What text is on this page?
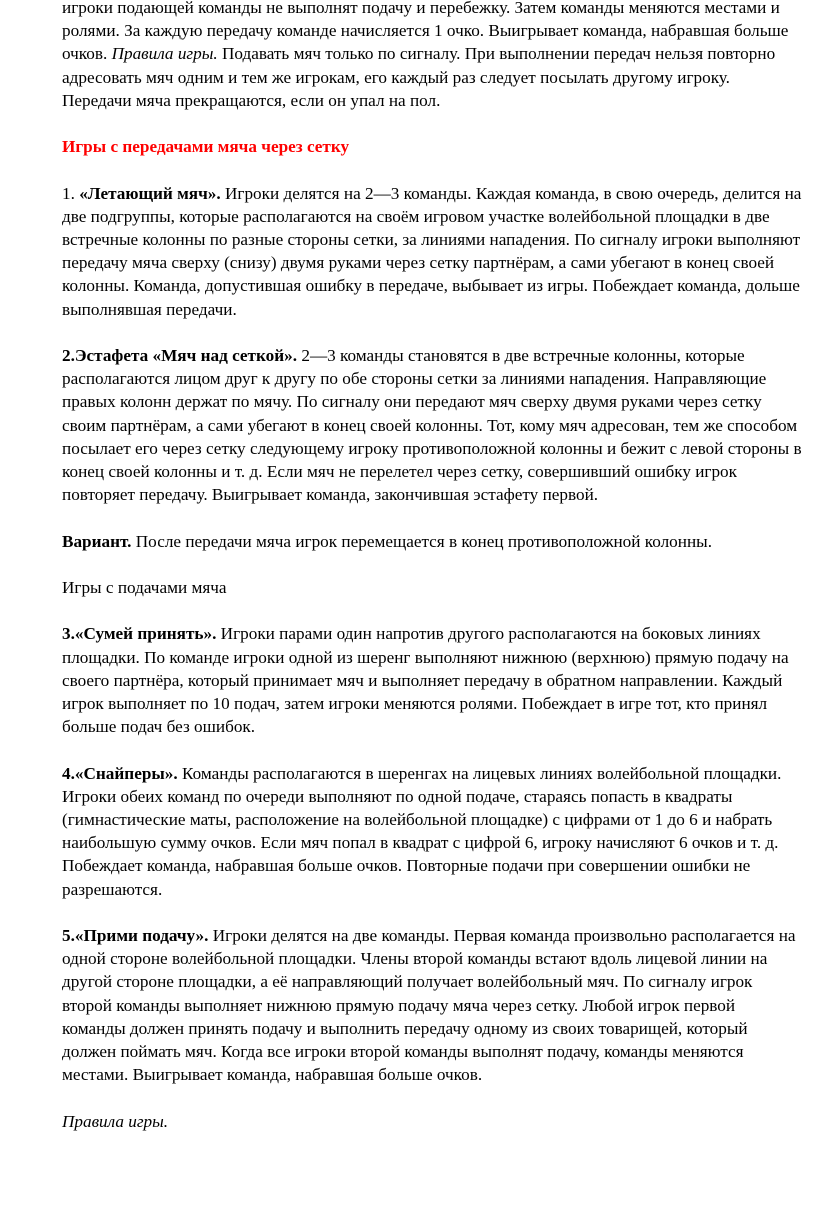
игроки подающей команды не выполнят подачу и перебежку. Затем команды меняются местами и ролями. За каждую передачу команде начисляется 1 очко. Выигрывает команда, набравшая больше очков. Правила игры. Подавать мяч только по сигналу. При выполнении передач нельзя повторно адресовать мяч одним и тем же игрокам, его каждый раз следует посылать другому игроку. Передачи мяча прекращаются, если он упал на пол.

Игры с передачами мяча через сетку

1. «Летающий мяч». Игроки делятся на 2—3 команды. Каждая команда, в свою очередь, делится на две подгруппы, которые располагаются на своём игровом участке волейбольной площадки в две встречные колонны по разные стороны сетки, за линиями нападения. По сигналу игроки выполняют передачу мяча сверху (снизу) двумя руками через сетку партнёрам, а сами убегают в конец своей колонны. Команда, допустившая ошибку в передаче, выбывает из игры. Побеждает команда, дольше выполнявшая передачи.

2.Эстафета «Мяч над сеткой». 2—3 команды становятся в две встречные колонны, которые располагаются лицом друг к другу по обе стороны сетки за линиями нападения. Направляющие правых колонн держат по мячу. По сигналу они передают мяч сверху двумя руками через сетку своим партнёрам, а сами убегают в конец своей колонны. Тот, кому мяч адресован, тем же способом посылает его через сетку следующему игроку противоположной колонны и бежит с левой стороны в конец своей колонны и т. д. Если мяч не перелетел через сетку, совершивший ошибку игрок повторяет передачу. Выигрывает команда, закончившая эстафету первой.

Вариант. После передачи мяча игрок перемещается в конец противоположной колонны.

Игры с подачами мяча

3.«Сумей принять». Игроки парами один напротив другого располагаются на боковых линиях площадки. По команде игроки одной из шеренг выполняют нижнюю (верхнюю) прямую подачу на своего партнёра, который принимает мяч и выполняет передачу в обратном направлении. Каждый игрок выполняет по 10 подач, затем игроки меняются ролями. Побеждает в игре тот, кто принял больше подач без ошибок.

4.«Снайперы». Команды располагаются в шеренгах на лицевых линиях волейбольной площадки. Игроки обеих команд по очереди выполняют по одной подаче, стараясь попасть в квадраты (гимнастические маты, расположение на волейбольной площадке) с цифрами от 1 до 6 и набрать наибольшую сумму очков. Если мяч попал в квадрат с цифрой 6, игроку начисляют 6 очков и т. д. Побеждает команда, набравшая больше очков. Повторные подачи при совершении ошибки не разрешаются.

5.«Прими подачу». Игроки делятся на две команды. Первая команда произвольно располагается на одной стороне волейбольной площадки. Члены второй команды встают вдоль лицевой линии на другой стороне площадки, а её направляющий получает волейбольный мяч. По сигналу игрок второй команды выполняет нижнюю прямую подачу мяча через сетку. Любой игрок первой команды должен принять подачу и выполнить передачу одному из своих товарищей, который должен поймать мяч. Когда все игроки второй команды выполнят подачу, команды меняются местами. Выигрывает команда, набравшая больше очков.

Правила игры.
